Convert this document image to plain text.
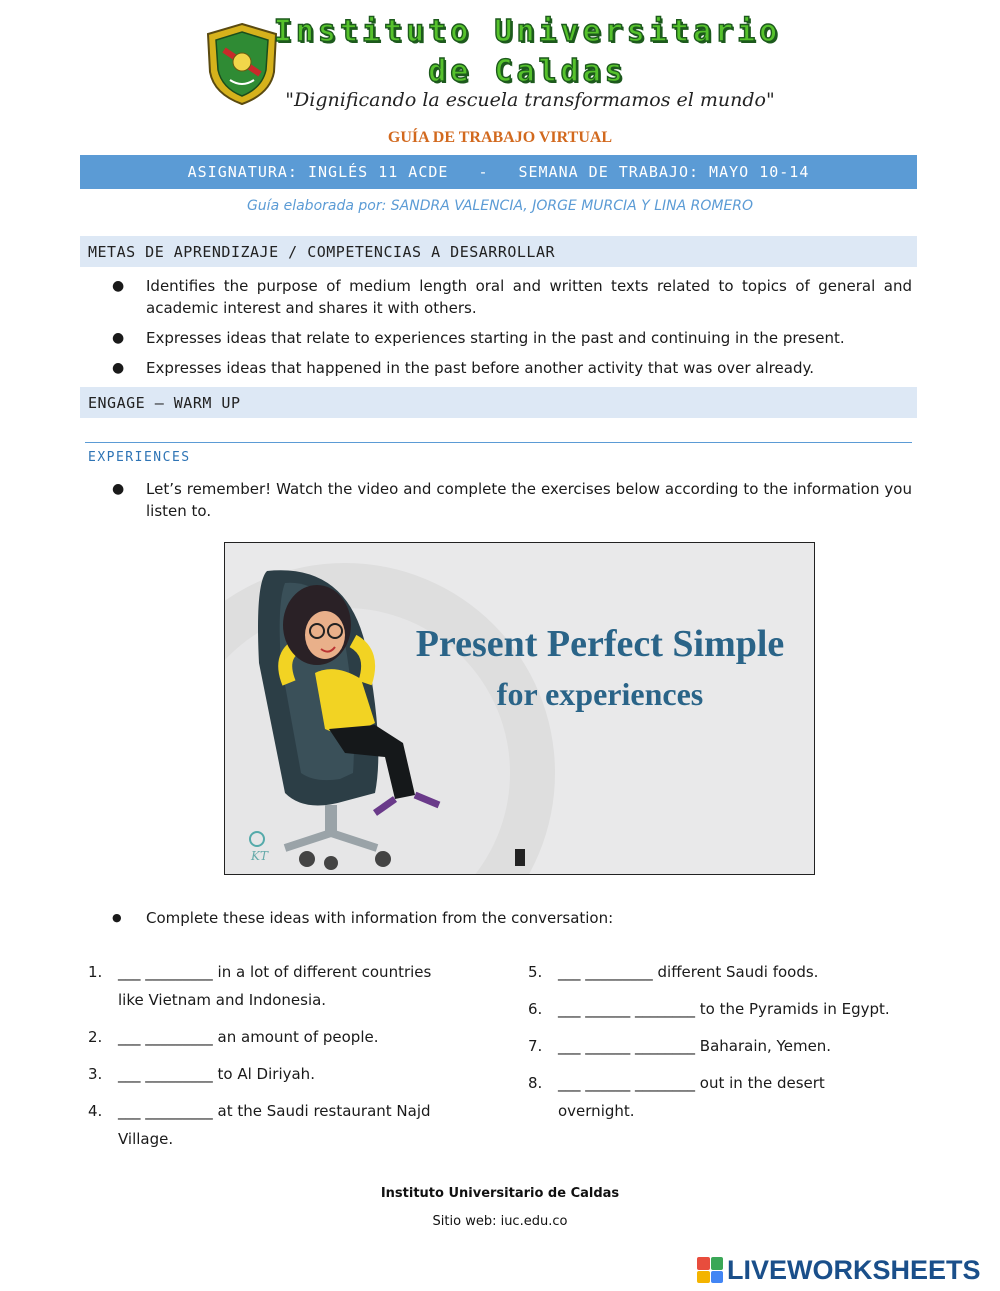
Instituto Universitario
de Caldas
"Dignificando la escuela transformamos el mundo"
GUÍA DE TRABAJO VIRTUAL
ASIGNATURA: INGLÉS 11 ACDE - SEMANA DE TRABAJO: MAYO 10-14
Guía elaborada por: SANDRA VALENCIA, JORGE MURCIA Y LINA ROMERO
METAS DE APRENDIZAJE / COMPETENCIAS A DESARROLLAR
●	Identifies the purpose of medium length oral and written texts related to topics of general and academic interest and shares it with others.
●	Expresses ideas that relate to experiences starting in the past and continuing in the present.
●	Expresses ideas that happened in the past before another activity that was over already.
ENGAGE – WARM UP
EXPERIENCES
●	Let’s remember! Watch the video and complete the exercises below according to the information you listen to.
KT
Present Perfect Simple
for experiences
●	Complete these ideas with information from the conversation:
1.	___ _________ in a lot of different countries
like Vietnam and Indonesia.
2.	___ _________ an amount of people.
3.	___ _________ to Al Diriyah.
4.	___ _________ at the Saudi restaurant Najd
Village.
5.	___ _________ different Saudi foods.
6.	___ ______ ________ to the Pyramids in Egypt.
7.	___ ______ ________ Baharain, Yemen.
8.	___ ______ ________ out in the desert
overnight.
Instituto Universitario de Caldas
Sitio web: iuc.edu.co
LIVEWORKSHEETS
